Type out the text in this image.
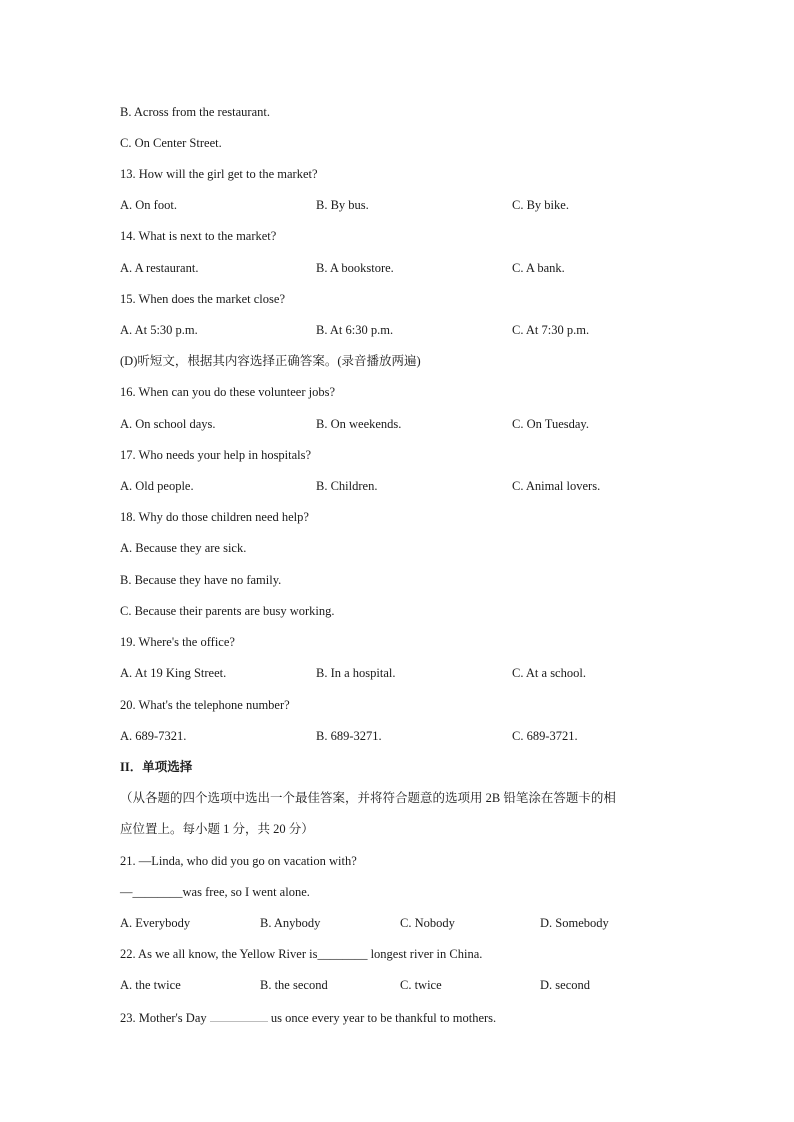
B. Across from the restaurant.
C. On Center Street.
13. How will the girl get to the market?
A. On foot.	B. By bus.	C. By bike.
14. What is next to the market?
A. A restaurant.	B. A bookstore.	C. A bank.
15. When does the market close?
A. At 5:30 p.m.	B. At 6:30 p.m.	C. At 7:30 p.m.
(D)听短文，根据其内容选择正确答案。(录音播放两遍)
16. When can you do these volunteer jobs?
A. On school days.	B. On weekends.	C. On Tuesday.
17. Who needs your help in hospitals?
A. Old people.	B. Children.	C. Animal lovers.
18. Why do those children need help?
A. Because they are sick.
B. Because they have no family.
C. Because their parents are busy working.
19. Where's the office?
A. At 19 King Street.	B. In a hospital.	C. At a school.
20. What's the telephone number?
A. 689-7321.	B. 689-3271.	C. 689-3721.
II．单项选择
（从各题的四个选项中选出一个最佳答案，并将符合题意的选项用 2B 铅笔涂在答题卡的相
应位置上。每小题 1 分，共 20 分）
21. —Linda, who did you go on vacation with?
—________was free, so I went alone.
A. Everybody	B. Anybody	C. Nobody	D. Somebody
22. As we all know, the Yellow River is________ longest river in China.
A. the twice	B. the second	C. twice	D. second
23. Mother's Day	us once every year to be thankful to mothers.
